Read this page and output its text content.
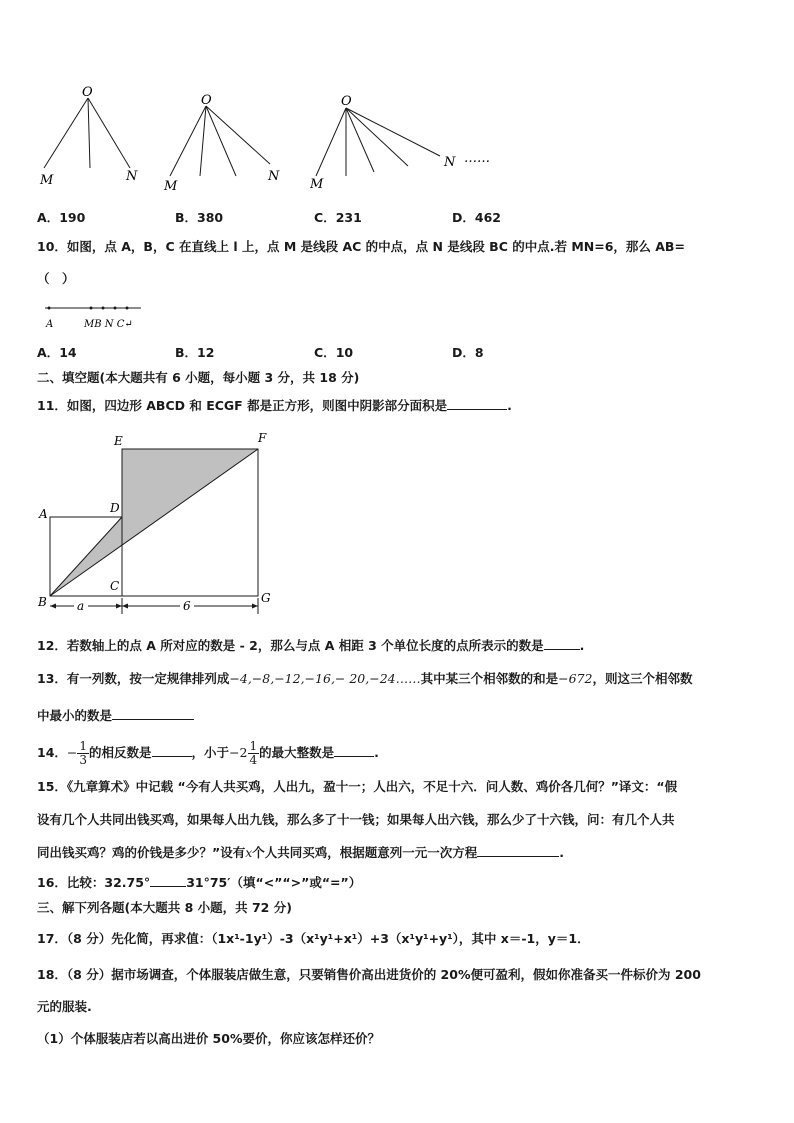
O
M	N
O
M
N
O
M
N ……
A．190	B．380	C．231	D．462
10．如图，点 A，B，C 在直线上 l 上，点 M 是线段 AC 的中点，点 N 是线段 BC 的中点.若 MN=6，那么 AB=
（　）
A	MB N C↵
A．14	B．12	C．10	D．8
二、填空题(本大题共有 6 小题，每小题 3 分，共 18 分)
11．如图，四边形 ABCD 和 ECGF 都是正方形，则图中阴影部分面积是	.
E	F
A	D
C
B	G
a	6
12．若数轴上的点 A 所对应的数是 - 2，那么与点 A 相距 3 个单位长度的点所表示的数是	.
13．有一列数，按一定规律排列成−4,−8,−12,−16,− 20,−24……其中某三个相邻数的和是−672，则这三个相邻数
中最小的数是
14．− $\frac{1}{3}$ 的相反数是	，小于$-2 \frac{1}{4}$ 的最大整数是	.
15．《九章算术》中记载 “今有人共买鸡，人出九，盈十一；人出六，不足十六．问人数、鸡价各几何？”译文：“假
设有几个人共同出钱买鸡，如果每人出九钱，那么多了十一钱；如果每人出六钱，那么少了十六钱，问：有几个人共
同出钱买鸡？鸡的价钱是多少？”设有x个人共同买鸡，根据题意列一元一次方程	.
16．比较：32.75°	31°75′（填“<”“>”或“=”）
三、解下列各题(本大题共 8 小题，共 72 分)
17．（8 分）先化简，再求值：（1x¹-1y¹）-3（x¹y¹+x¹）+3（x¹y¹+y¹），其中 x＝-1，y＝1．
18．（8 分）据市场调查，个体服装店做生意，只要销售价高出进货价的 20%便可盈利，假如你准备买一件标价为 200
元的服装.
（1）个体服装店若以高出进价 50%要价，你应该怎样还价？
